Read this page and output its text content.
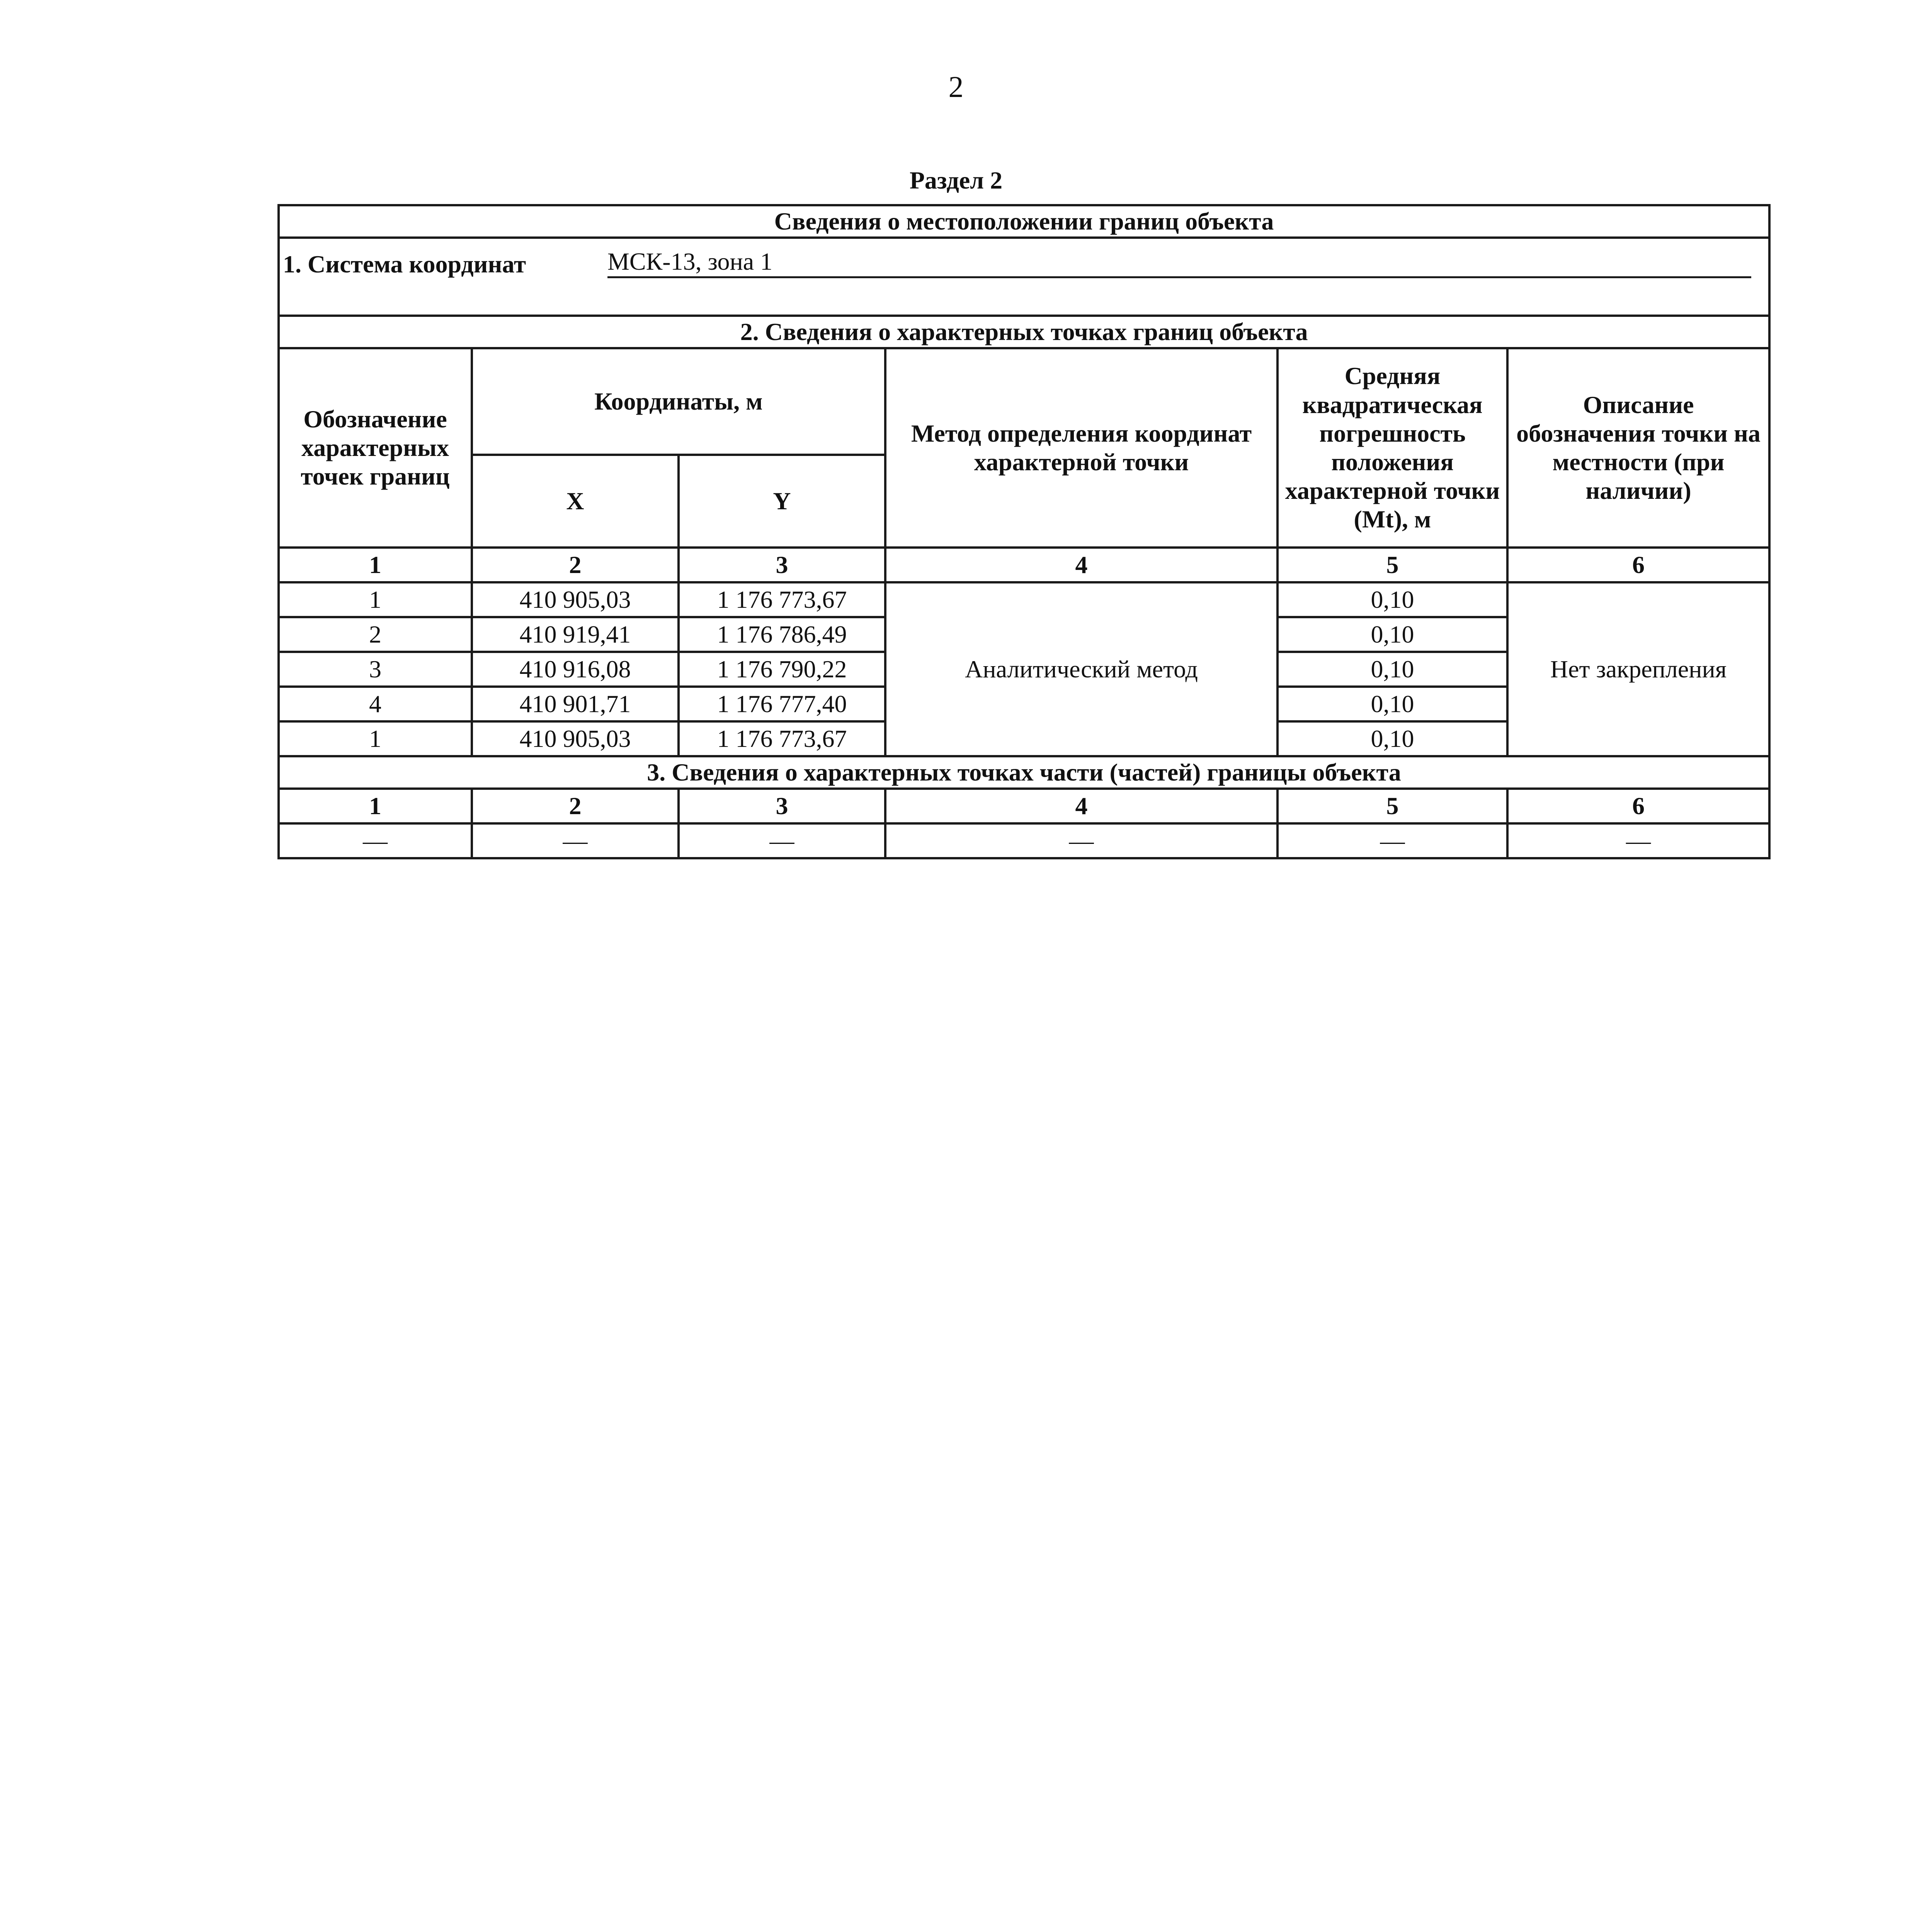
2
Раздел 2
Сведения о местоположении границ объекта					

1. Система координат МСК-13, зона 1					

2. Сведения о характерных точках границ объекта					
Обозначение характерных точек границ	Координаты, м		Метод определения координат характерной точки	Средняя квадратическая погрешность положения характерной точки (Mt), м	Описание обозначения точки на местности (при наличии)
	X	Y			
1	2	3	4	5	6
1	410 905,03	1 176 773,67	Аналитический метод	0,10	Нет закрепления
2	410 919,41	1 176 786,49		0,10	
3	410 916,08	1 176 790,22		0,10	
4	410 901,71	1 176 777,40		0,10	
1	410 905,03	1 176 773,67		0,10	
3. Сведения о характерных точках части (частей) границы объекта					
1	2	3	4	5	6
—	—	—	—	—	—
